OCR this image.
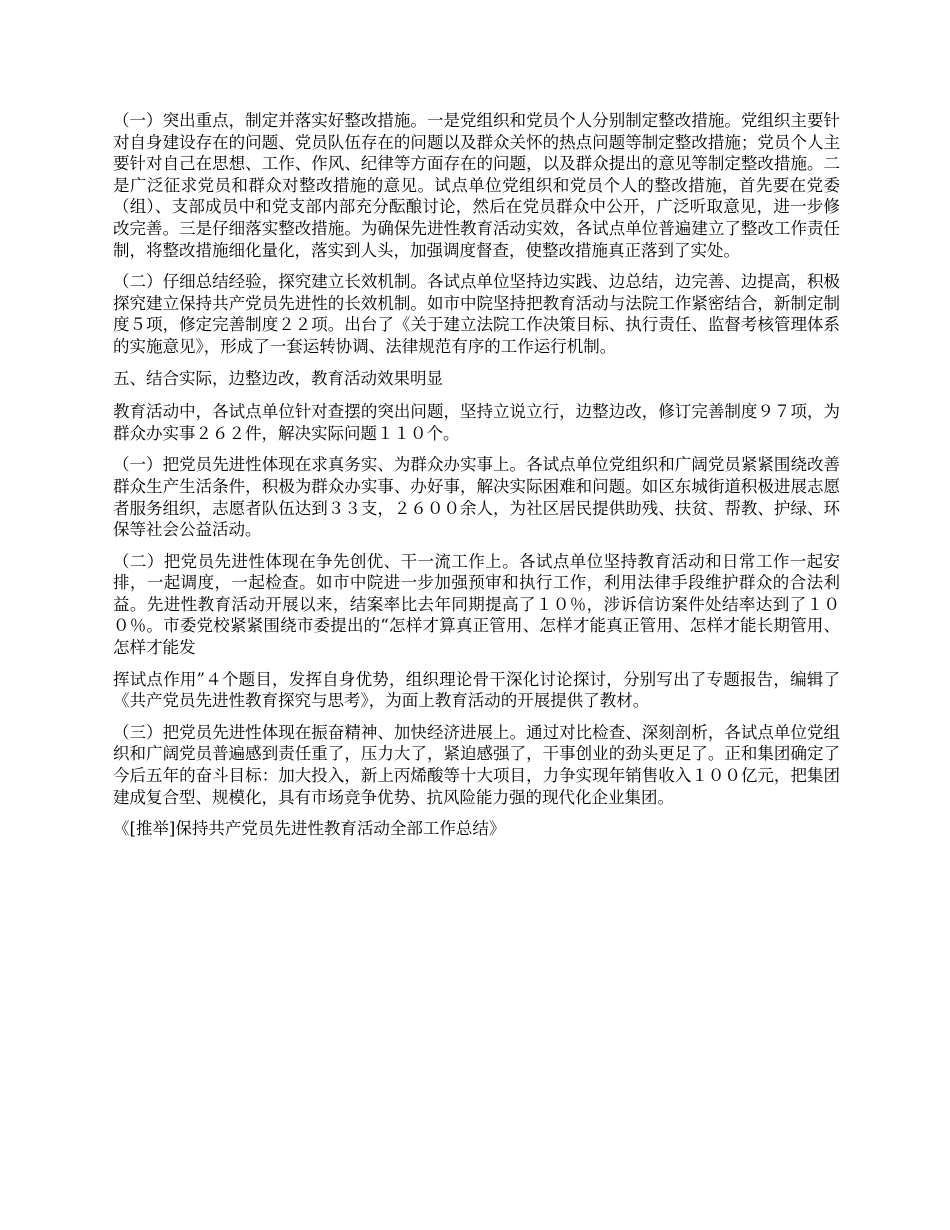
（一）突出重点，制定并落实好整改措施。一是党组织和党员个人分别制定整改措施。党组织主要针对自身建设存在的问题、党员队伍存在的问题以及群众关怀的热点问题等制定整改措施；党员个人主要针对自己在思想、工作、作风、纪律等方面存在的问题，以及群众提出的意见等制定整改措施。二是广泛征求党员和群众对整改措施的意见。试点单位党组织和党员个人的整改措施，首先要在党委（组）、支部成员中和党支部内部充分酝酿讨论，然后在党员群众中公开，广泛听取意见，进一步修改完善。三是仔细落实整改措施。为确保先进性教育活动实效，各试点单位普遍建立了整改工作责任制，将整改措施细化量化，落实到人头，加强调度督查，使整改措施真正落到了实处。

（二）仔细总结经验，探究建立长效机制。各试点单位坚持边实践、边总结，边完善、边提高，积极探究建立保持共产党员先进性的长效机制。如市中院坚持把教育活动与法院工作紧密结合，新制定制度５项，修定完善制度２２项。出台了《关于建立法院工作决策目标、执行责任、监督考核管理体系的实施意见》，形成了一套运转协调、法律规范有序的工作运行机制。

五、结合实际，边整边改，教育活动效果明显

教育活动中，各试点单位针对查摆的突出问题，坚持立说立行，边整边改，修订完善制度９７项，为群众办实事２６２件，解决实际问题１１０个。

（一）把党员先进性体现在求真务实、为群众办实事上。各试点单位党组织和广阔党员紧紧围绕改善群众生产生活条件，积极为群众办实事、办好事，解决实际困难和问题。如区东城街道积极进展志愿者服务组织，志愿者队伍达到３３支，２６００余人，为社区居民提供助残、扶贫、帮教、护绿、环保等社会公益活动。

（二）把党员先进性体现在争先创优、干一流工作上。各试点单位坚持教育活动和日常工作一起安排，一起调度，一起检查。如市中院进一步加强预审和执行工作，利用法律手段维护群众的合法利益。先进性教育活动开展以来，结案率比去年同期提高了１０％，涉诉信访案件处结率达到了１００％。市委党校紧紧围绕市委提出的“怎样才算真正管用、怎样才能真正管用、怎样才能长期管用、怎样才能发

挥试点作用”４个题目，发挥自身优势，组织理论骨干深化讨论探讨，分别写出了专题报告，编辑了《共产党员先进性教育探究与思考》，为面上教育活动的开展提供了教材。

（三）把党员先进性体现在振奋精神、加快经济进展上。通过对比检查、深刻剖析，各试点单位党组织和广阔党员普遍感到责任重了，压力大了，紧迫感强了，干事创业的劲头更足了。正和集团确定了今后五年的奋斗目标：加大投入，新上丙烯酸等十大项目，力争实现年销售收入１００亿元，把集团建成复合型、规模化，具有市场竞争优势、抗风险能力强的现代化企业集团。

《[推举]保持共产党员先进性教育活动全部工作总结》
